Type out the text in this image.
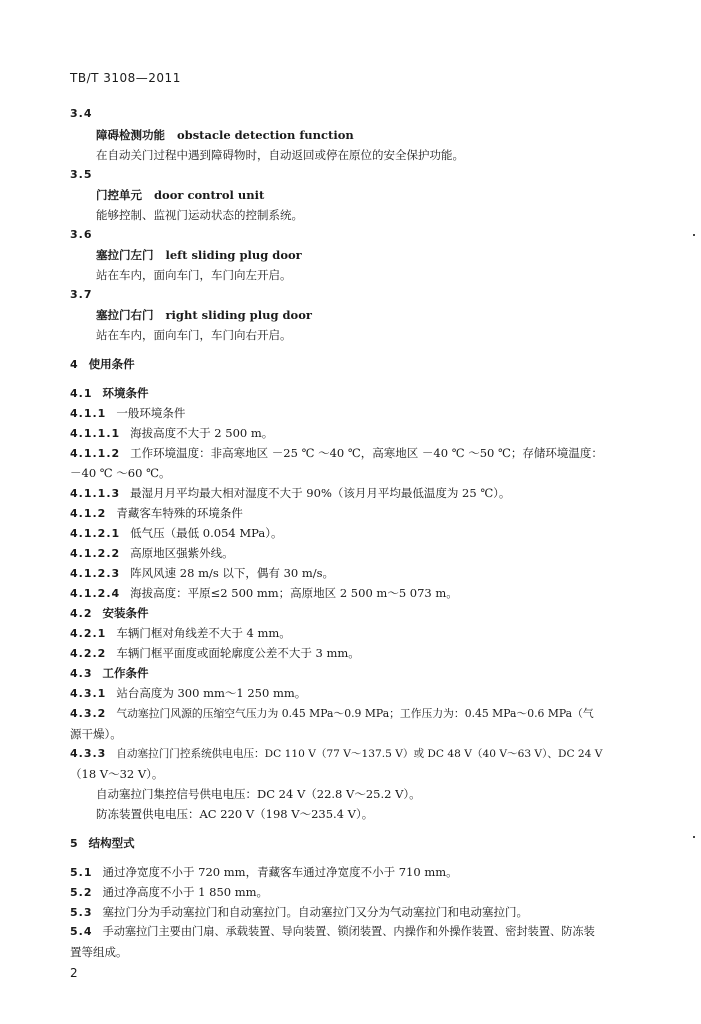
TB/T 3108—2011
3.4
障碍检测功能 obstacle detection function
在自动关门过程中遇到障碍物时，自动返回或停在原位的安全保护功能。
3.5
门控单元 door control unit
能够控制、监视门运动状态的控制系统。
3.6
塞拉门左门 left sliding plug door
站在车内，面向车门，车门向左开启。
3.7
塞拉门右门 right sliding plug door
站在车内，面向车门，车门向右开启。
4 使用条件
4.1 环境条件
4.1.1 一般环境条件
4.1.1.1 海拔高度不大于 2 500 m。
4.1.1.2 工作环境温度：非高寒地区 －25 ℃ ～40 ℃，高寒地区 －40 ℃ ～50 ℃；存储环境温度：
－40 ℃ ～60 ℃。
4.1.1.3 最湿月月平均最大相对湿度不大于 90%（该月月平均最低温度为 25 ℃）。
4.1.2 青藏客车特殊的环境条件
4.1.2.1 低气压（最低 0.054 MPa）。
4.1.2.2 高原地区强紫外线。
4.1.2.3 阵风风速 28 m/s 以下，偶有 30 m/s。
4.1.2.4 海拔高度：平原≤2 500 mm；高原地区 2 500 m～5 073 m。
4.2 安装条件
4.2.1 车辆门框对角线差不大于 4 mm。
4.2.2 车辆门框平面度或面轮廓度公差不大于 3 mm。
4.3 工作条件
4.3.1 站台高度为 300 mm～1 250 mm。
4.3.2 气动塞拉门风源的压缩空气压力为 0.45 MPa～0.9 MPa；工作压力为：0.45 MPa～0.6 MPa（气
源干燥）。
4.3.3 自动塞拉门门控系统供电电压：DC 110 V（77 V～137.5 V）或 DC 48 V（40 V～63 V）、DC 24 V
（18 V～32 V）。
自动塞拉门集控信号供电电压：DC 24 V（22.8 V～25.2 V）。
防冻装置供电电压：AC 220 V（198 V～235.4 V）。
5 结构型式
5.1 通过净宽度不小于 720 mm，青藏客车通过净宽度不小于 710 mm。
5.2 通过净高度不小于 1 850 mm。
5.3 塞拉门分为手动塞拉门和自动塞拉门。自动塞拉门又分为气动塞拉门和电动塞拉门。
5.4 手动塞拉门主要由门扇、承载装置、导向装置、锁闭装置、内操作和外操作装置、密封装置、防冻装
置等组成。
2
